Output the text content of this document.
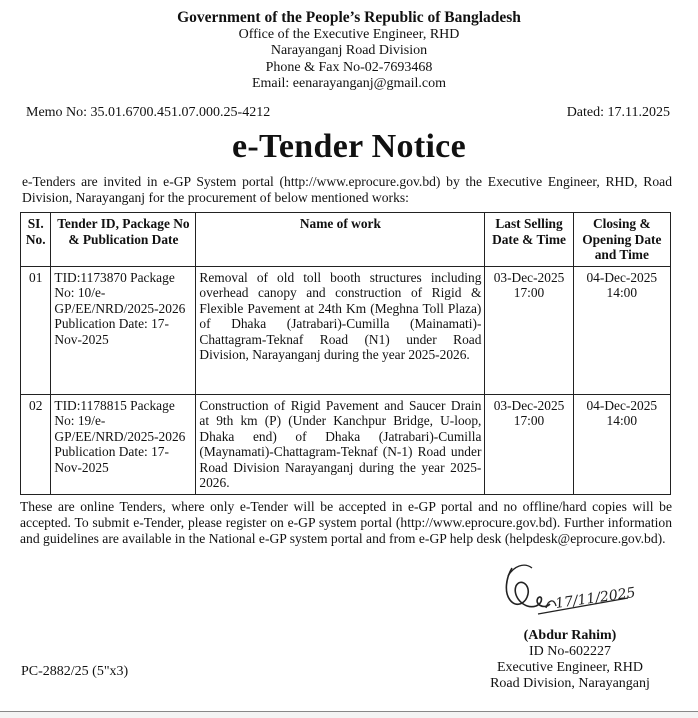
Government of the People’s Republic of Bangladesh
Office of the Executive Engineer, RHD
Narayanganj Road Division
Phone & Fax No-02-7693468
Email: eenarayanganj@gmail.com
Memo No: 35.01.6700.451.07.000.25-4212	Dated: 17.11.2025
e-Tender Notice
e-Tenders are invited in e-GP System portal (http://www.eprocure.gov.bd) by the Executive Engineer, RHD, Road Division, Narayanganj for the procurement of below mentioned works:
SI. No.	Tender ID, Package No & Publication Date	Name of work	Last Selling Date & Time	Closing & Opening Date and Time
01	TID:1173870 Package No: 10/e-GP/EE/NRD/2025-2026 Publication Date: 17-Nov-2025	Removal of old toll booth structures including overhead canopy and construction of Rigid & Flexible Pavement at 24th Km (Meghna Toll Plaza) of Dhaka (Jatrabari)-Cumilla (Mainamati)-Chattagram-Teknaf Road (N1) under Road Division, Narayanganj during the year 2025-2026.	03-Dec-2025 17:00	04-Dec-2025 14:00
02	TID:1178815 Package No: 19/e-GP/EE/NRD/2025-2026 Publication Date: 17-Nov-2025	Construction of Rigid Pavement and Saucer Drain at 9th km (P) (Under Kanchpur Bridge, U-loop, Dhaka end) of Dhaka (Jatrabari)-Cumilla (Maynamati)-Chattagram-Teknaf (N-1) Road under Road Division Narayanganj during the year 2025-2026.	03-Dec-2025 17:00	04-Dec-2025 14:00
These are online Tenders, where only e-Tender will be accepted in e-GP portal and no offline/hard copies will be accepted. To submit e-Tender, please register on e-GP system portal (http://www.eprocure.gov.bd). Further information and guidelines are available in the National e-GP system portal and from e-GP help desk (helpdesk@eprocure.gov.bd).
17/11/2025
(Abdur Rahim)
ID No-602227
Executive Engineer, RHD
Road Division, Narayanganj
PC-2882/25 (5"x3)
